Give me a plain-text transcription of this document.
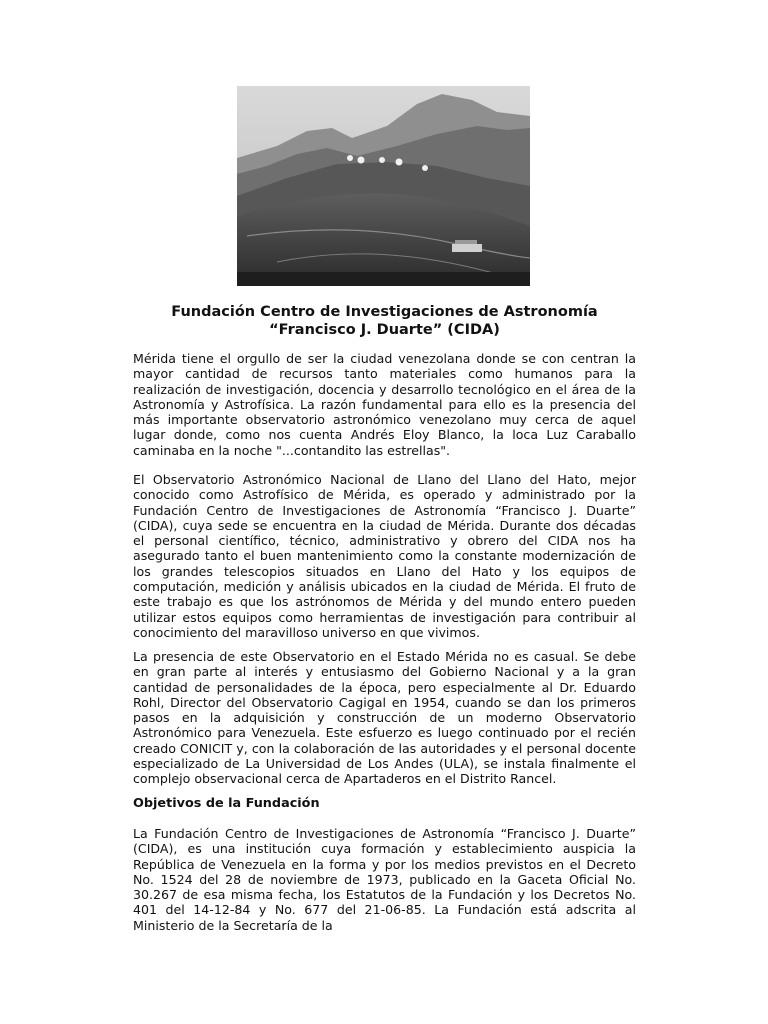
Fundación Centro de Investigaciones de Astronomía
“Francisco J. Duarte” (CIDA)

Mérida tiene el orgullo de ser la ciudad venezolana donde se con centran la mayor cantidad de recursos tanto materiales como humanos para la realización de investigación, docencia y desarrollo tecnológico en el área de la Astronomía y Astrofísica. La razón fundamental para ello es la presencia del más importante observatorio astronómico venezolano muy cerca de aquel lugar donde, como nos cuenta Andrés Eloy Blanco, la loca Luz Caraballo caminaba en la noche "...contandito las estrellas".

El Observatorio Astronómico Nacional de Llano del Llano del Hato, mejor conocido como Astrofísico de Mérida, es operado y administrado por la Fundación Centro de Investigaciones de Astronomía “Francisco J. Duarte” (CIDA), cuya sede se encuentra en la ciudad de Mérida. Durante dos décadas el personal científico, técnico, administrativo y obrero del CIDA nos ha asegurado tanto el buen mantenimiento como la constante modernización de los grandes telescopios situados en Llano del Hato y los equipos de computación, medición y análisis ubicados en la ciudad de Mérida. El fruto de este trabajo es que los astrónomos de Mérida y del mundo entero pueden utilizar estos equipos como herramientas de investigación para contribuir al conocimiento del maravilloso universo en que vivimos.

La presencia de este Observatorio en el Estado Mérida no es casual. Se debe en gran parte al interés y entusiasmo del Gobierno Nacional y a la gran cantidad de personalidades de la época, pero especialmente al Dr. Eduardo Rohl, Director del Observatorio Cagigal en 1954, cuando se dan los primeros pasos en la adquisición y construcción de un moderno Observatorio Astronómico para Venezuela. Este esfuerzo es luego continuado por el recién creado CONICIT y, con la colaboración de las autoridades y el personal docente especializado de La Universidad de Los Andes (ULA), se instala finalmente el complejo observacional cerca de Apartaderos en el Distrito Rancel.

Objetivos de la Fundación

La Fundación Centro de Investigaciones de Astronomía “Francisco J. Duarte” (CIDA), es una institución cuya formación y establecimiento auspicia la República de Venezuela en la forma y por los medios previstos en el Decreto No. 1524 del 28 de noviembre de 1973, publicado en la Gaceta Oficial No. 30.267 de esa misma fecha, los Estatutos de la Fundación y los Decretos No. 401 del 14-12-84 y No. 677 del 21-06-85. La Fundación está adscrita al Ministerio de la Secretaría de la
